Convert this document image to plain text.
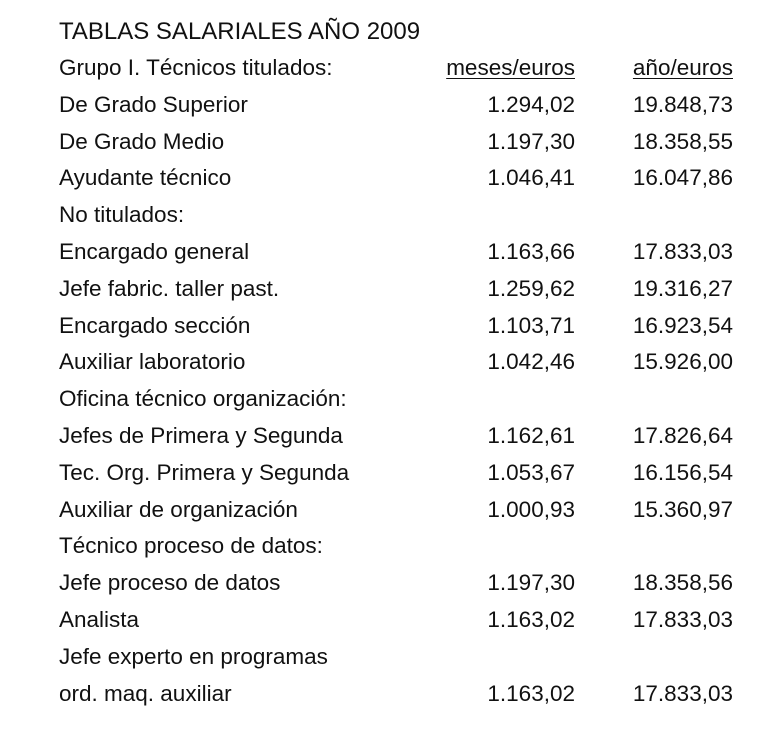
TABLAS SALARIALES AÑO 2009
Grupo I. Técnicos titulados:	meses/euros	año/euros
De Grado Superior	1.294,02	19.848,73
De Grado Medio	1.197,30	18.358,55
Ayudante técnico	1.046,41	16.047,86
No titulados:
Encargado general	1.163,66	17.833,03
Jefe fabric. taller past.	1.259,62	19.316,27
Encargado sección	1.103,71	16.923,54
Auxiliar laboratorio	1.042,46	15.926,00
Oficina técnico organización:
Jefes de Primera y Segunda	1.162,61	17.826,64
Tec. Org. Primera y Segunda	1.053,67	16.156,54
Auxiliar de organización	1.000,93	15.360,97
Técnico proceso de datos:
Jefe proceso de datos	1.197,30	18.358,56
Analista	1.163,02	17.833,03
Jefe experto en programas
ord. maq. auxiliar	1.163,02	17.833,03
